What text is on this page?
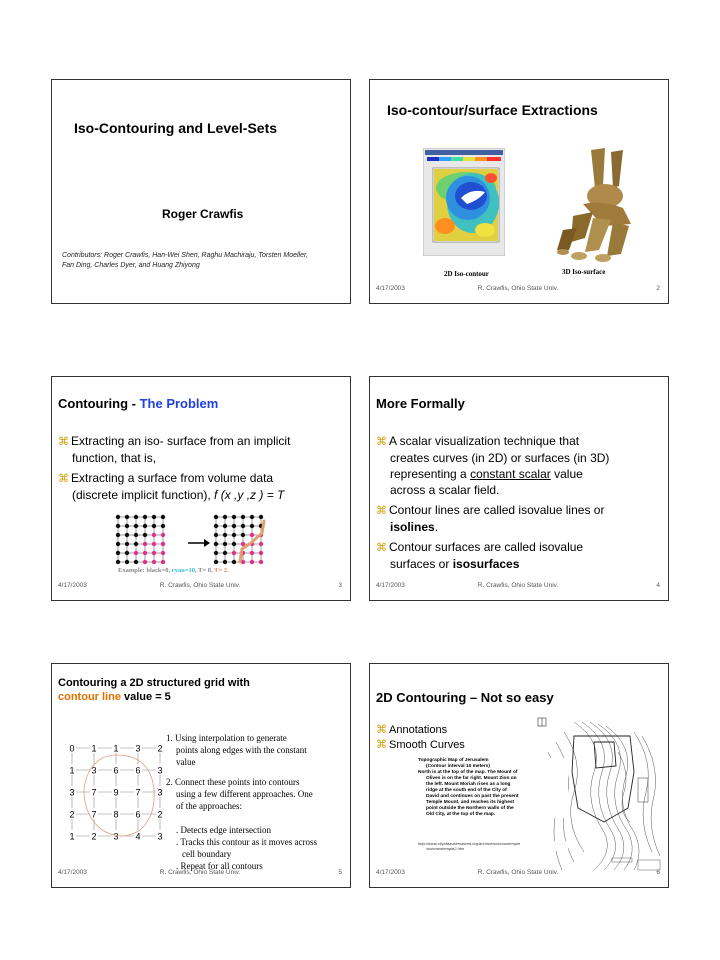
Iso-Contouring and Level-Sets
Roger Crawfis
Contributors: Roger Crawfis, Han-Wei Shen, Raghu Machiraju, Torsten Moeller,
Fan Ding, Charles Dyer, and Huang Zhiyong
Iso-contour/surface Extractions
2D Iso-contour	3D Iso-surface
4/17/2003	R. Crawfis, Ohio State Univ.	2
Contouring - The Problem
⌘ Extracting an iso- surface from an implicit
function, that is,
⌘ Extracting a surface from volume data
(discrete implicit function), f (x ,y ,z ) = T
Example: black=0, cyan=10, T= 8, T= 2.
4/17/2003	R. Crawfis, Ohio State Univ.	3
More Formally
⌘ A scalar visualization technique that
creates curves (in 2D) or surfaces (in 3D)
representing a constant scalar value
across a scalar field.
⌘ Contour lines are called isovalue lines or
isolines.
⌘ Contour surfaces are called isovalue
surfaces or isosurfaces
4/17/2003	R. Crawfis, Ohio State Univ.	4
Contouring a 2D structured grid with
contour line value = 5
0 1 1 3 2
1 3 6 6 3
3 7 9 7 3
2 7 8 6 2
1 2 3 4 3
1. Using interpolation to generate
points along edges with the constant
value
2. Connect these points into contours
using a few different approaches. One
of the approaches:
. Detects edge intersection
. Tracks this contour as it moves across
cell boundary
. Repeat for all contours
4/17/2003	R. Crawfis, Ohio State Univ.	5
2D Contouring – Not so easy
⌘ Annotations
⌘ Smooth Curves
Topographic Map of Jerusalem
(Contour interval 10 meters)
North is at the top of the map. The Mount of
Olives is on the far right. Mount Zion on
the left. Mount Moriah rises as a long
ridge at the south end of the City of
David and continues on past the present
Temple Mount, and reaches its highest
point outside the Northern walls of the
Old City, at the top of the map.
http://www.cityofdavidrestored.org/archive/solomontemple
/solomontemple2.htm
4/17/2003	R. Crawfis, Ohio State Univ.	6
